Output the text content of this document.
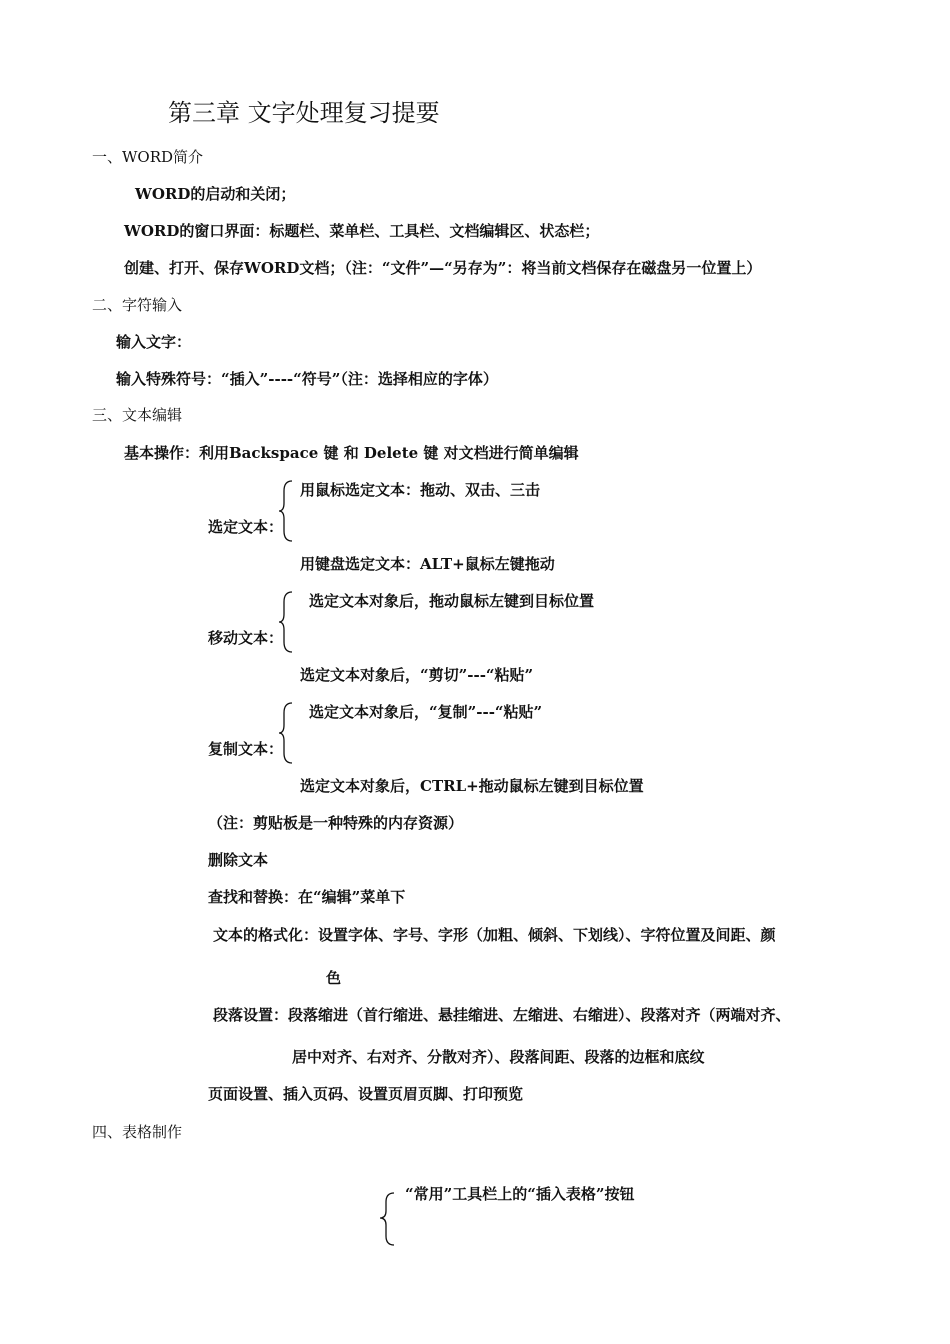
第三章 文字处理复习提要
一、WORD简介
WORD的启动和关闭；
WORD的窗口界面：标题栏、菜单栏、工具栏、文档编辑区、状态栏；
创建、打开、保存WORD文档；（注：“文件”—“另存为”：将当前文档保存在磁盘另一位置上）
二、字符输入
输入文字：
输入特殊符号：“插入”----“符号”（注：选择相应的字体）
三、文本编辑
基本操作：利用Backspace 键 和 Delete 键 对文档进行简单编辑
用鼠标选定文本：拖动、双击、三击
选定文本：
用键盘选定文本：ALT+鼠标左键拖动
选定文本对象后，拖动鼠标左键到目标位置
移动文本：
选定文本对象后，“剪切”---“粘贴”
选定文本对象后，“复制”---“粘贴”
复制文本：
选定文本对象后，CTRL+拖动鼠标左键到目标位置
（注：剪贴板是一种特殊的内存资源）
删除文本
查找和替换：在“编辑”菜单下
文本的格式化：设置字体、字号、字形（加粗、倾斜、下划线）、字符位置及间距、颜
色
段落设置：段落缩进（首行缩进、悬挂缩进、左缩进、右缩进）、段落对齐（两端对齐、
居中对齐、右对齐、分散对齐）、段落间距、段落的边框和底纹
页面设置、插入页码、设置页眉页脚、打印预览
四、表格制作
“常用”工具栏上的“插入表格”按钮
